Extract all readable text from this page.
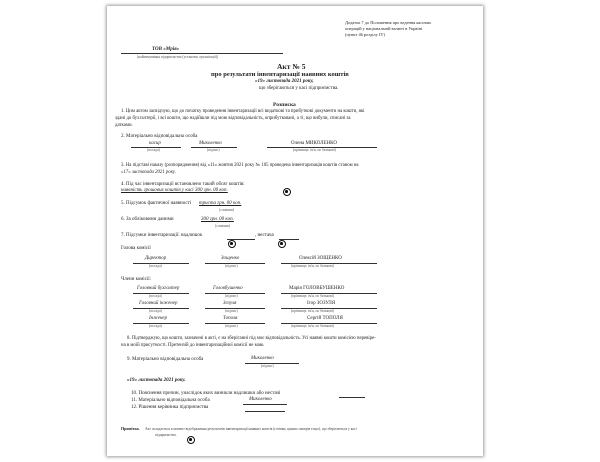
Додаток 7 до Положення про ведення касових
операцій у національній валюті в Україні
(пункт 46 розділу IV)
ТОВ «Мрія»
(найменування підприємства (установи, організації))
Акт № 5
про результати інвентаризації наявних коштів
«19» листопада 2021 року,
що зберігаються у касі підприємства.
Розписка
1. Цим актом засвідчую, що до початку проведення інвентаризації всі видаткові та прибуткові документи на кошти, які
здані до бухгалтерії, і всі кошти, що надійшли під мою відповідальність, оприбутковані, а ті, що вибули, списані за
датками.
2. Матеріально відповідальна особа
касир	Миколенко	Олена МИКОЛЕНКО
(посада)	(підпис)	(прізвище, ім'я, по батькові)
3. На підставі наказу (розпорядження) від «11» жовтня 2021 року № 105 проведена інвентаризація коштів станом на
«17» листопада 2021 року.
4. Під час інвентаризації встановлено такий обсяг коштів:
наявність грошових коштів у касі 300 грн. 00 коп.
5. Підсумок фактичної наявності триста грн. 00 коп.
(словами)
6. За обліковими даними	300 грн. 00 коп.
(словами)
7. Підсумки інвентаризації: надлишок	, нестача
Голова комісії
Директор	Зощенко	Олексій ЗОЩЕНКО
(посада)	(підпис)	(прізвище, ім'я, по батькові)
Члени комісії:
Головний бухгалтер	Головбушенко	Марія ГОЛОВБУШЕНКО
(посада)	(підпис)	(прізвище, ім'я, по батькові)
Головний інженер	Зозуля	Ігор ЗОЗУЛЯ
(посада)	(підпис)	(прізвище, ім'я, по батькові)
Інженер	Тополя	Сергій ТОПОЛЯ
(посада)	(підпис)	(прізвище, ім'я, по батькові)
8. Підтверджую, що кошти, зазначені в акті, є на зберіганні під моє відповідальність. Усі наявні кошти комісією перевіре-
на в моїй присутності. Претензій до інвентаризаційної комісії не маю.
9. Матеріально відповідальна особа	Миколенко
(підпис)
«19» листопада 2021 року.
10. Пояснення причин, унаслідок яких виникли надлишки або нестачі
11. Матеріально відповідальна особа	Миколенко
12. Рішення керівника підприємства
Примітка. Акт складається в момент відображення результатів інвентаризації наявних коштів (готівки, цінних паперів тощо), що зберігаються у касі
підприємства.
